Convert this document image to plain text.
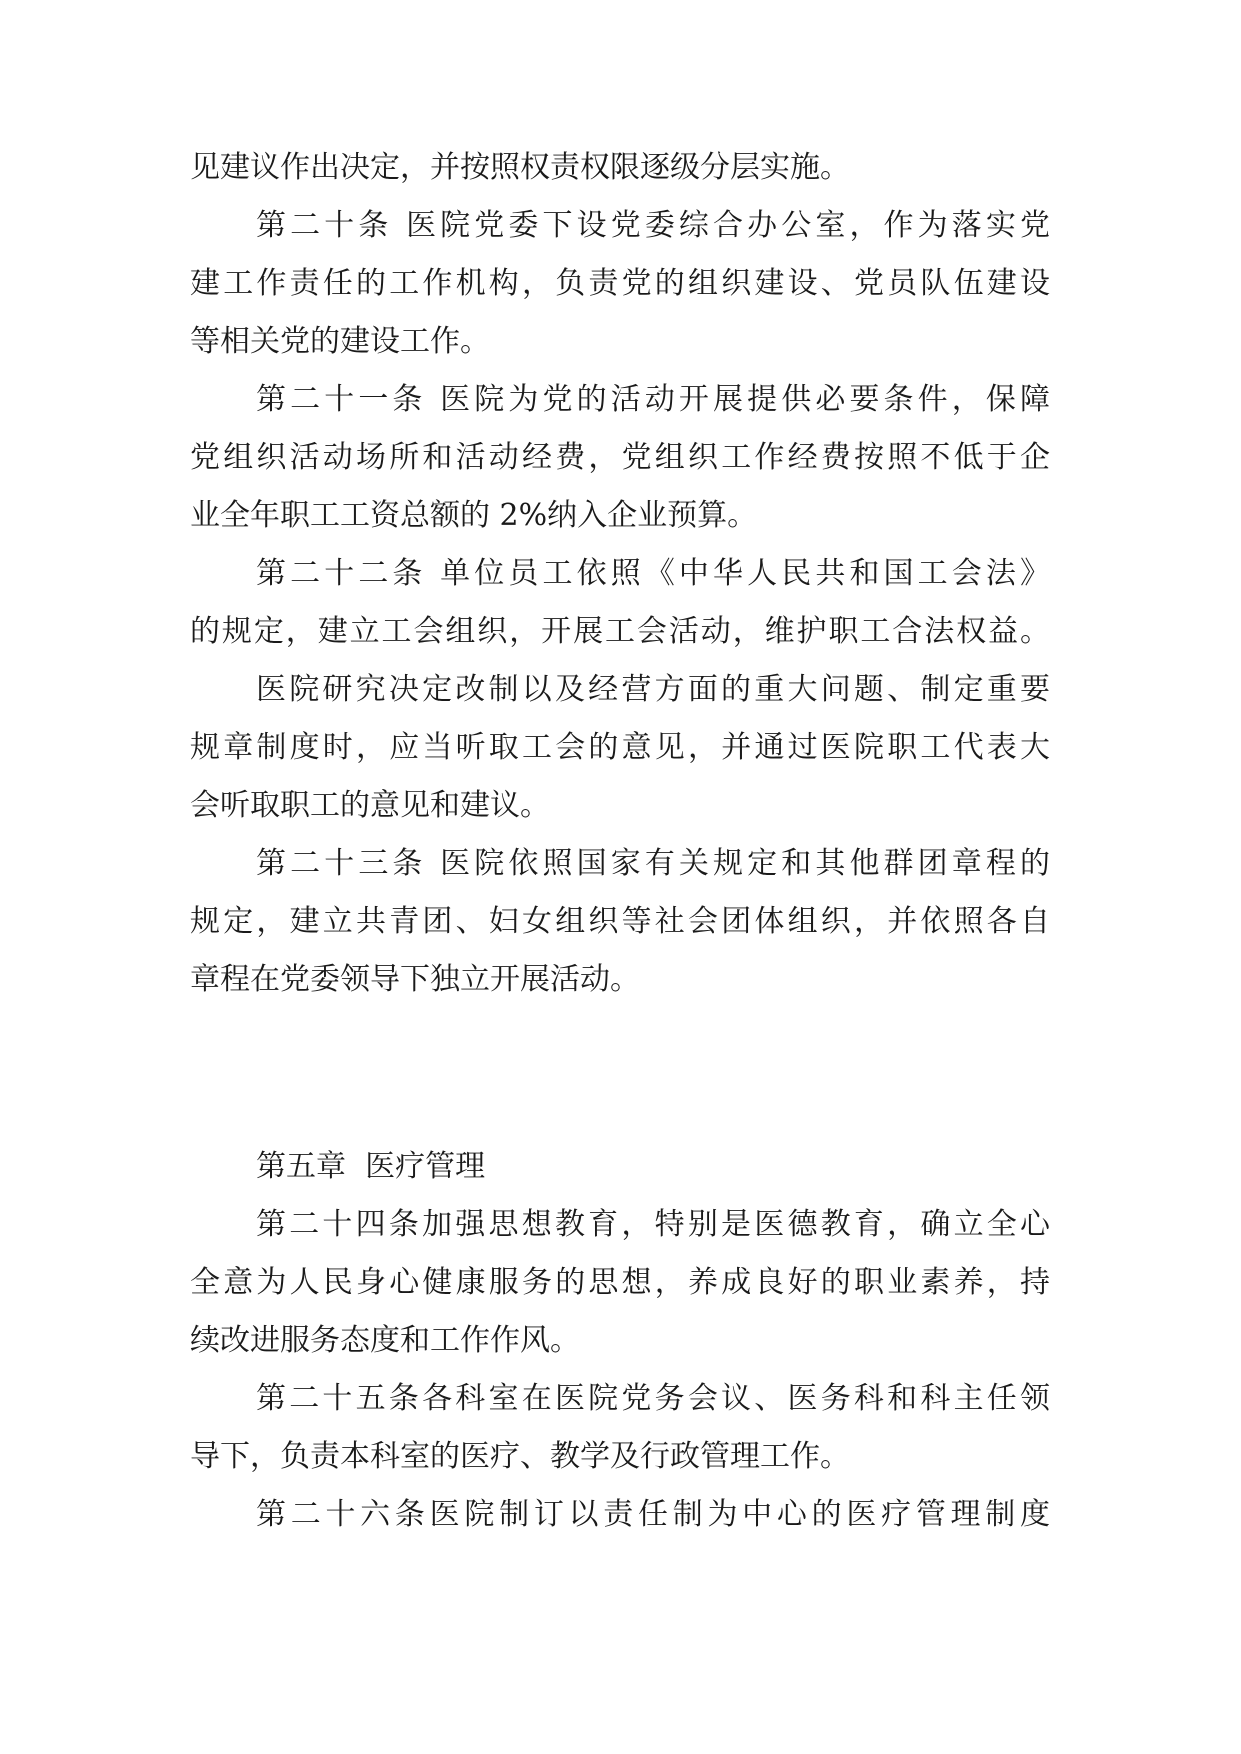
见建议作出决定，并按照权责权限逐级分层实施。
第二十条 医院党委下设党委综合办公室，作为落实党
建工作责任的工作机构，负责党的组织建设、党员队伍建设
等相关党的建设工作。
第二十一条 医院为党的活动开展提供必要条件，保障
党组织活动场所和活动经费，党组织工作经费按照不低于企
业全年职工工资总额的 2%纳入企业预算。
第二十二条 单位员工依照《中华人民共和国工会法》
的规定，建立工会组织，开展工会活动，维护职工合法权益。
医院研究决定改制以及经营方面的重大问题、制定重要
规章制度时，应当听取工会的意见，并通过医院职工代表大
会听取职工的意见和建议。
第二十三条 医院依照国家有关规定和其他群团章程的
规定，建立共青团、妇女组织等社会团体组织，并依照各自
章程在党委领导下独立开展活动。
第五章  医疗管理
第二十四条加强思想教育，特别是医德教育，确立全心
全意为人民身心健康服务的思想，养成良好的职业素养，持
续改进服务态度和工作作风。
第二十五条各科室在医院党务会议、医务科和科主任领
导下，负责本科室的医疗、教学及行政管理工作。
第二十六条医院制订以责任制为中心的医疗管理制度
